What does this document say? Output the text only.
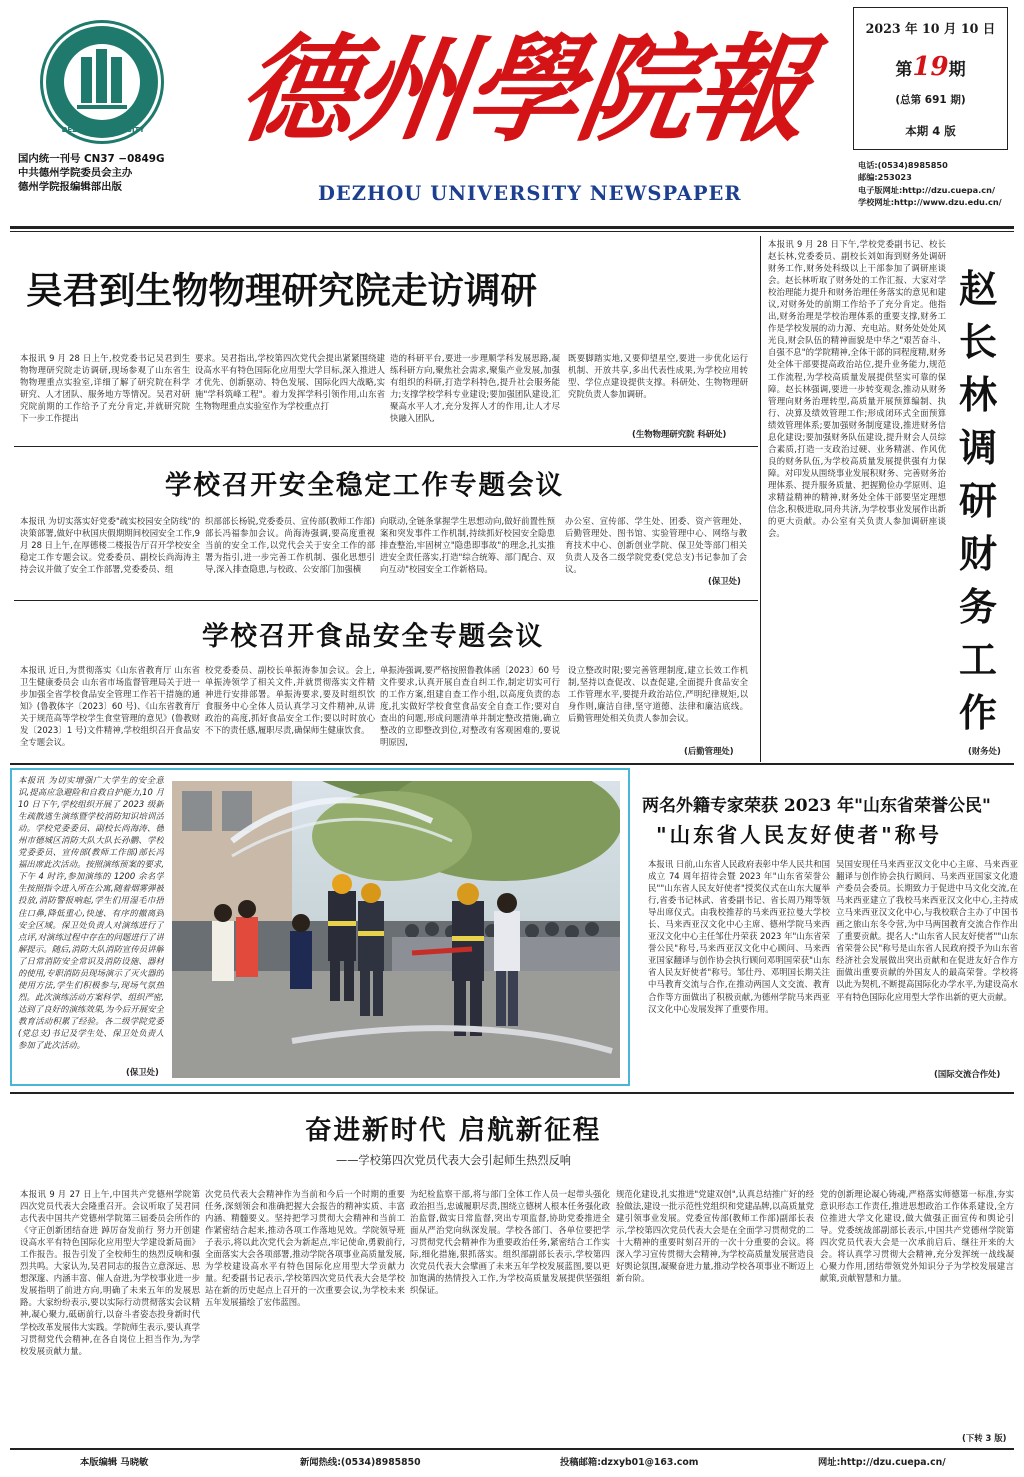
DEZHOU UNIVERSITY 德州學院報
DEZHOU UNIVERSITY NEWSPAPER
国内统一刊号 CN37 −0849G
中共德州学院委员会主办
德州学院报编辑部出版
2023 年 10 月 10 日
第19期
(总第 691 期)
本期 4 版
电话:(0534)8985850
邮编:253023
电子版网址:http://dzu.cuepa.cn/
学校网址:http://www.dzu.edu.cn/
吴君到生物物理研究院走访调研
本报讯 9 月 28 日上午,校党委书记吴君到生物物理研究院走访调研,现场参观了山东省生物物理重点实验室,详细了解了研究院在科学研究、人才团队、服务地方等情况。吴君对研究院前期的工作给予了充分肯定,并就研究院下一步工作提出
要求。吴君指出,学校第四次党代会提出紧紧围绕建设高水平有特色国际化应用型大学目标,深入推进人才优先、创新驱动、特色发展、国际化四大战略,实施"学科筑峰工程"。着力发挥学科引领作用,山东省生物物理重点实验室作为学校重点打
造的科研平台,要进一步理顺学科发展思路,凝练科研方向,聚焦社会需求,聚集产业发展,加强有组织的科研,打造学科特色,提升社会服务能力;支撑学校学科专业建设;要加强团队建设,汇聚高水平人才,充分发挥人才的作用,让人才尽快融入团队,
既要脚踏实地,又要仰望星空,要进一步优化运行机制、开放共享,多出代表性成果,为学校应用转型、学位点建设提供支撑。科研处、生物物理研究院负责人参加调研。
(生物物理研究院 科研处)
学校召开安全稳定工作专题会议
本报讯 为切实落实好党委"疏实校园安全防线"的决策部署,做好中秋国庆假期期间校园安全工作,9 月 28 日上午,在厚德楼二楼报告厅召开学校安全稳定工作专题会议。党委委员、副校长尚海涛主持会议并做了安全工作部署,党委委员、组
织部部长杨锐,党委委员、宣传部(教师工作部)部长冯福参加会议。尚海涛强调,要高度重视当前的安全工作,以党代会关于安全工作的部署为指引,进一步完善工作机制、强化思想引导,深入排查隐患,与校政、公安部门加强横
向联动,全链条掌握学生思想动向,做好前置性预案和突发事件工作机制,持续抓好校园安全隐患排查整治,牢固树立"隐患即事故"的理念,扎实推进安全责任落实,打造"综合统筹、部门配合、双向互动"校园安全工作新格局。
办公室、宣传部、学生处、团委、资产管理处、后勤管理处、图书馆、实验管理中心、网络与教育技术中心、创新创业学院、保卫处等部门相关负责人及各二级学院党委(党总支)书记参加了会议。
(保卫处)
学校召开食品安全专题会议
本报讯 近日,为贯彻落实《山东省教育厅 山东省卫生健康委员会 山东省市场监督管理局关于进一步加强全省学校食品安全管理工作若干措施的通知》(鲁教体字〔2023〕60 号)、《山东省教育厅关于规范高等学校学生食堂管理的意见》(鲁教财发〔2023〕1 号)文件精神,学校组织召开食品安全专题会议。
校党委委员、副校长单振涛参加会议。会上,单振涛领学了相关文件,并就贯彻落实文件精神进行安排部署。单振涛要求,要及时组织饮食服务中心全体人员认真学习文件精神,从讲政治的高度,抓好食品安全工作;要以时时放心不下的责任感,履职尽责,确保师生健康饮食。
单振涛强调,要严格按照鲁教体函〔2023〕60 号文件要求,认真开展自查自纠工作,制定切实可行的工作方案,组建自查工作小组,以高度负责的态度,扎实做好学校食堂食品安全自查工作;要对自查出的问题,形成问题清单并制定整改措施,确立整改的立即整改到位,对整改有客观困难的,要说明原因,
设立整改时限;要完善管理制度,建立长效工作机制,坚持以查促改、以查促建,全面提升食品安全工作管理水平,要提升政治站位,严明纪律规矩,以身作则,廉洁自律,坚守道德、法律和廉洁底线。后勤管理处相关负责人参加会议。
(后勤管理处)
本报讯 9 月 28 日下午,学校党委副书记、校长赵长林,党委委员、副校长刘如海到财务处调研财务工作,财务处科级以上干部参加了调研座谈会。赵长林听取了财务处的工作汇报、大家对学校治理能力提升和财务治理任务落实的意见和建议,对财务处的前期工作给予了充分肯定。他指出,财务治理是学校治理体系的重要支撑,财务工作是学校发展的动力源、充电站。财务处处处风光良,财会队伍的精神面貌是中华之"艰苦奋斗、自强不息"的学院精神,全体干部的同程度精,财务处全体干部要提高政治站位,提升业务能力,规范工作流程,为学校高质量发展提供坚实可靠的保障。赵长林强调,要进一步转变观念,推动从财务管理向财务治理转型,高质量开展预算编制、执行、决算及绩效管理工作;形成闭环式全面预算绩效管理体系;要加强财务制度建设,推进财务信息化建设;要加强财务队伍建设,提升财会人员综合素质,打造一支政治过硬、业务精湛、作风优良的财务队伍,为学校高质量发展提供强有力保障。对印发从围绕事业发展积财务、完善财务治理体系、提升服务质量、把握勤俭办学原则、追求精益精神的精神,财务处全体干部要坚定理想信念,积极进取,同舟共济,为学校事业发展作出新的更大贡献。办公室有关负责人参加调研座谈会。
赵长林调研财务工作
(财务处)
本报讯 为切实增强广大学生的安全意识,提高应急避险和自救自护能力,10 月 10 日下午,学校组织开展了 2023 级新生疏散逃生演练暨学校消防知识培训活动。学校党委委员、副校长尚海涛、德州市德城区消防大队大队长孙鹏、学校党委委员、宣传部(教师工作部)部长冯福出席此次活动。按照演练预案的要求,下午 4 时许,参加演练的 1200 余名学生按照指令进入所在公寓,随着烟雾弹被投放,消防警报响起,学生们用湿毛巾捂住口鼻,降低重心,快速、有序的撤离到安全区域。保卫处负责人对演练进行了点评,对演练过程中存在的问题进行了讲解提示。随后,消防大队消防宣传员讲解了日常消防安全常识及消防设施、器材的使用,专职消防员现场演示了灭火器的使用方法,学生们积极参与,现场气氛热烈。此次演练活动方案科学、组织严密,达到了良好的演练效果,为今后开展安全教育活动积累了经验。各二级学院党委(党总支)书记及学生处、保卫处负责人参加了此次活动。
(保卫处)
两名外籍专家荣获 2023 年"山东省荣誉公民"
"山东省人民友好使者"称号
本报讯 日前,山东省人民政府表彰中华人民共和国成立 74 周年招待会暨 2023 年"山东省荣誉公民""山东省人民友好使者"授奖仪式在山东大厦举行,省委书记林武、省委副书记、省长周乃翔等领导出席仪式。由我校推荐的马来西亚拉曼大学校长、马来西亚汉文化中心主席、德州学院马来西亚汉文化中心主任邹仕丹荣获 2023 年"山东省荣誉公民"称号,马来西亚汉文化中心顾问、马来西亚国家翻译与创作协会执行顾问邓明国荣获"山东省人民友好使者"称号。邹仕丹、邓明国长期关注中马教育交流与合作,在推动两国人文交流、教育合作等方面做出了积极贡献,为德州学院马来西亚汉文化中心发展发挥了重要作用。
吴国安现任马来西亚汉文化中心主席、马来西亚翻译与创作协会执行顾问、马来西亚国家文化遗产委员会委员。长期致力于促进中马文化交流,在马来西亚建立了我校马来西亚汉文化中心,主持成立马来西亚汉文化中心,与我校联合主办了中国书画之旅山东冬令营,为中马两国教育交流合作作出了重要贡献。提名人:"山东省人民友好使者""山东省荣誉公民"称号是山东省人民政府授予为山东省经济社会发展做出突出贡献和在促进友好合作方面做出重要贡献的外国友人的最高荣誉。学校将以此为契机,不断提高国际化办学水平,为建设高水平有特色国际化应用型大学作出新的更大贡献。
(国际交流合作处)
奋进新时代 启航新征程
——学校第四次党员代表大会引起师生热烈反响
本报讯 9 月 27 日上午,中国共产党德州学院第四次党员代表大会隆重召开。会议听取了吴君同志代表中国共产党德州学院第三届委员会所作的《守正创新团结奋进 踔厉奋发前行 努力开创建设高水平有特色国际化应用型大学建设新局面》工作报告。报告引发了全校师生的热烈反响和强烈共鸣。大家认为,吴君同志的报告立意深远、思想深邃、内涵丰富、催人奋进,为学校事业进一步发展指明了前进方向,明确了未来五年的发展思路。大家纷纷表示,要以实际行动贯彻落实会议精神,凝心聚力,砥砺前行,以奋斗者姿态投身新时代学校改革发展伟大实践。学院师生表示,要认真学习贯彻党代会精神,在各自岗位上担当作为,为学校发展贡献力量。
次党员代表大会精神作为当前和今后一个时期的重要任务,深刻领会和准确把握大会报告的精神实质、丰富内涵、精髓要义。坚持把学习贯彻大会精神和当前工作紧密结合起来,推动各项工作落地见效。学院领导班子表示,将以此次党代会为新起点,牢记使命,勇毅前行,全面落实大会各项部署,推动学院各项事业高质量发展,为学校建设高水平有特色国际化应用型大学贡献力量。纪委副书记表示,学校第四次党员代表大会是学校站在新的历史起点上召开的一次重要会议,为学校未来五年发展描绘了宏伟蓝图。
为纪检监察干部,将与部门全体工作人员一起带头强化政治担当,忠诚履职尽责,围绕立德树人根本任务强化政治监督,做实日常监督,突出专项监督,协助党委推进全面从严治党向纵深发展。学校各部门、各单位要把学习贯彻党代会精神作为重要政治任务,紧密结合工作实际,细化措施,狠抓落实。组织部副部长表示,学校第四次党员代表大会擘画了未来五年学校发展蓝图,要以更加饱满的热情投入工作,为学校高质量发展提供坚强组织保证。
规范化建设,扎实推进"党建双创",认真总结推广好的经验做法,建设一批示范性党组织和党建品牌,以高质量党建引领事业发展。党委宣传部(教师工作部)副部长表示,学校第四次党员代表大会是在全面学习贯彻党的二十大精神的重要时刻召开的一次十分重要的会议。将深入学习宣传贯彻大会精神,为学校高质量发展营造良好舆论氛围,凝聚奋进力量,推动学校各项事业不断迈上新台阶。
党的创新理论凝心铸魂,严格落实师德第一标准,夯实意识形态工作责任,推进思想政治工作体系建设,全方位推进大学文化建设,做大做强正面宣传和舆论引导。党委统战部副部长表示,中国共产党德州学院第四次党员代表大会是一次承前启后、继往开来的大会。将认真学习贯彻大会精神,充分发挥统一战线凝心聚力作用,团结带领党外知识分子为学校发展建言献策,贡献智慧和力量。
(下转 3 版)
本版编辑 马晓敏	新闻热线:(0534)8985850	投稿邮箱:dzxyb01@163.com	网址:http://dzu.cuepa.cn/
